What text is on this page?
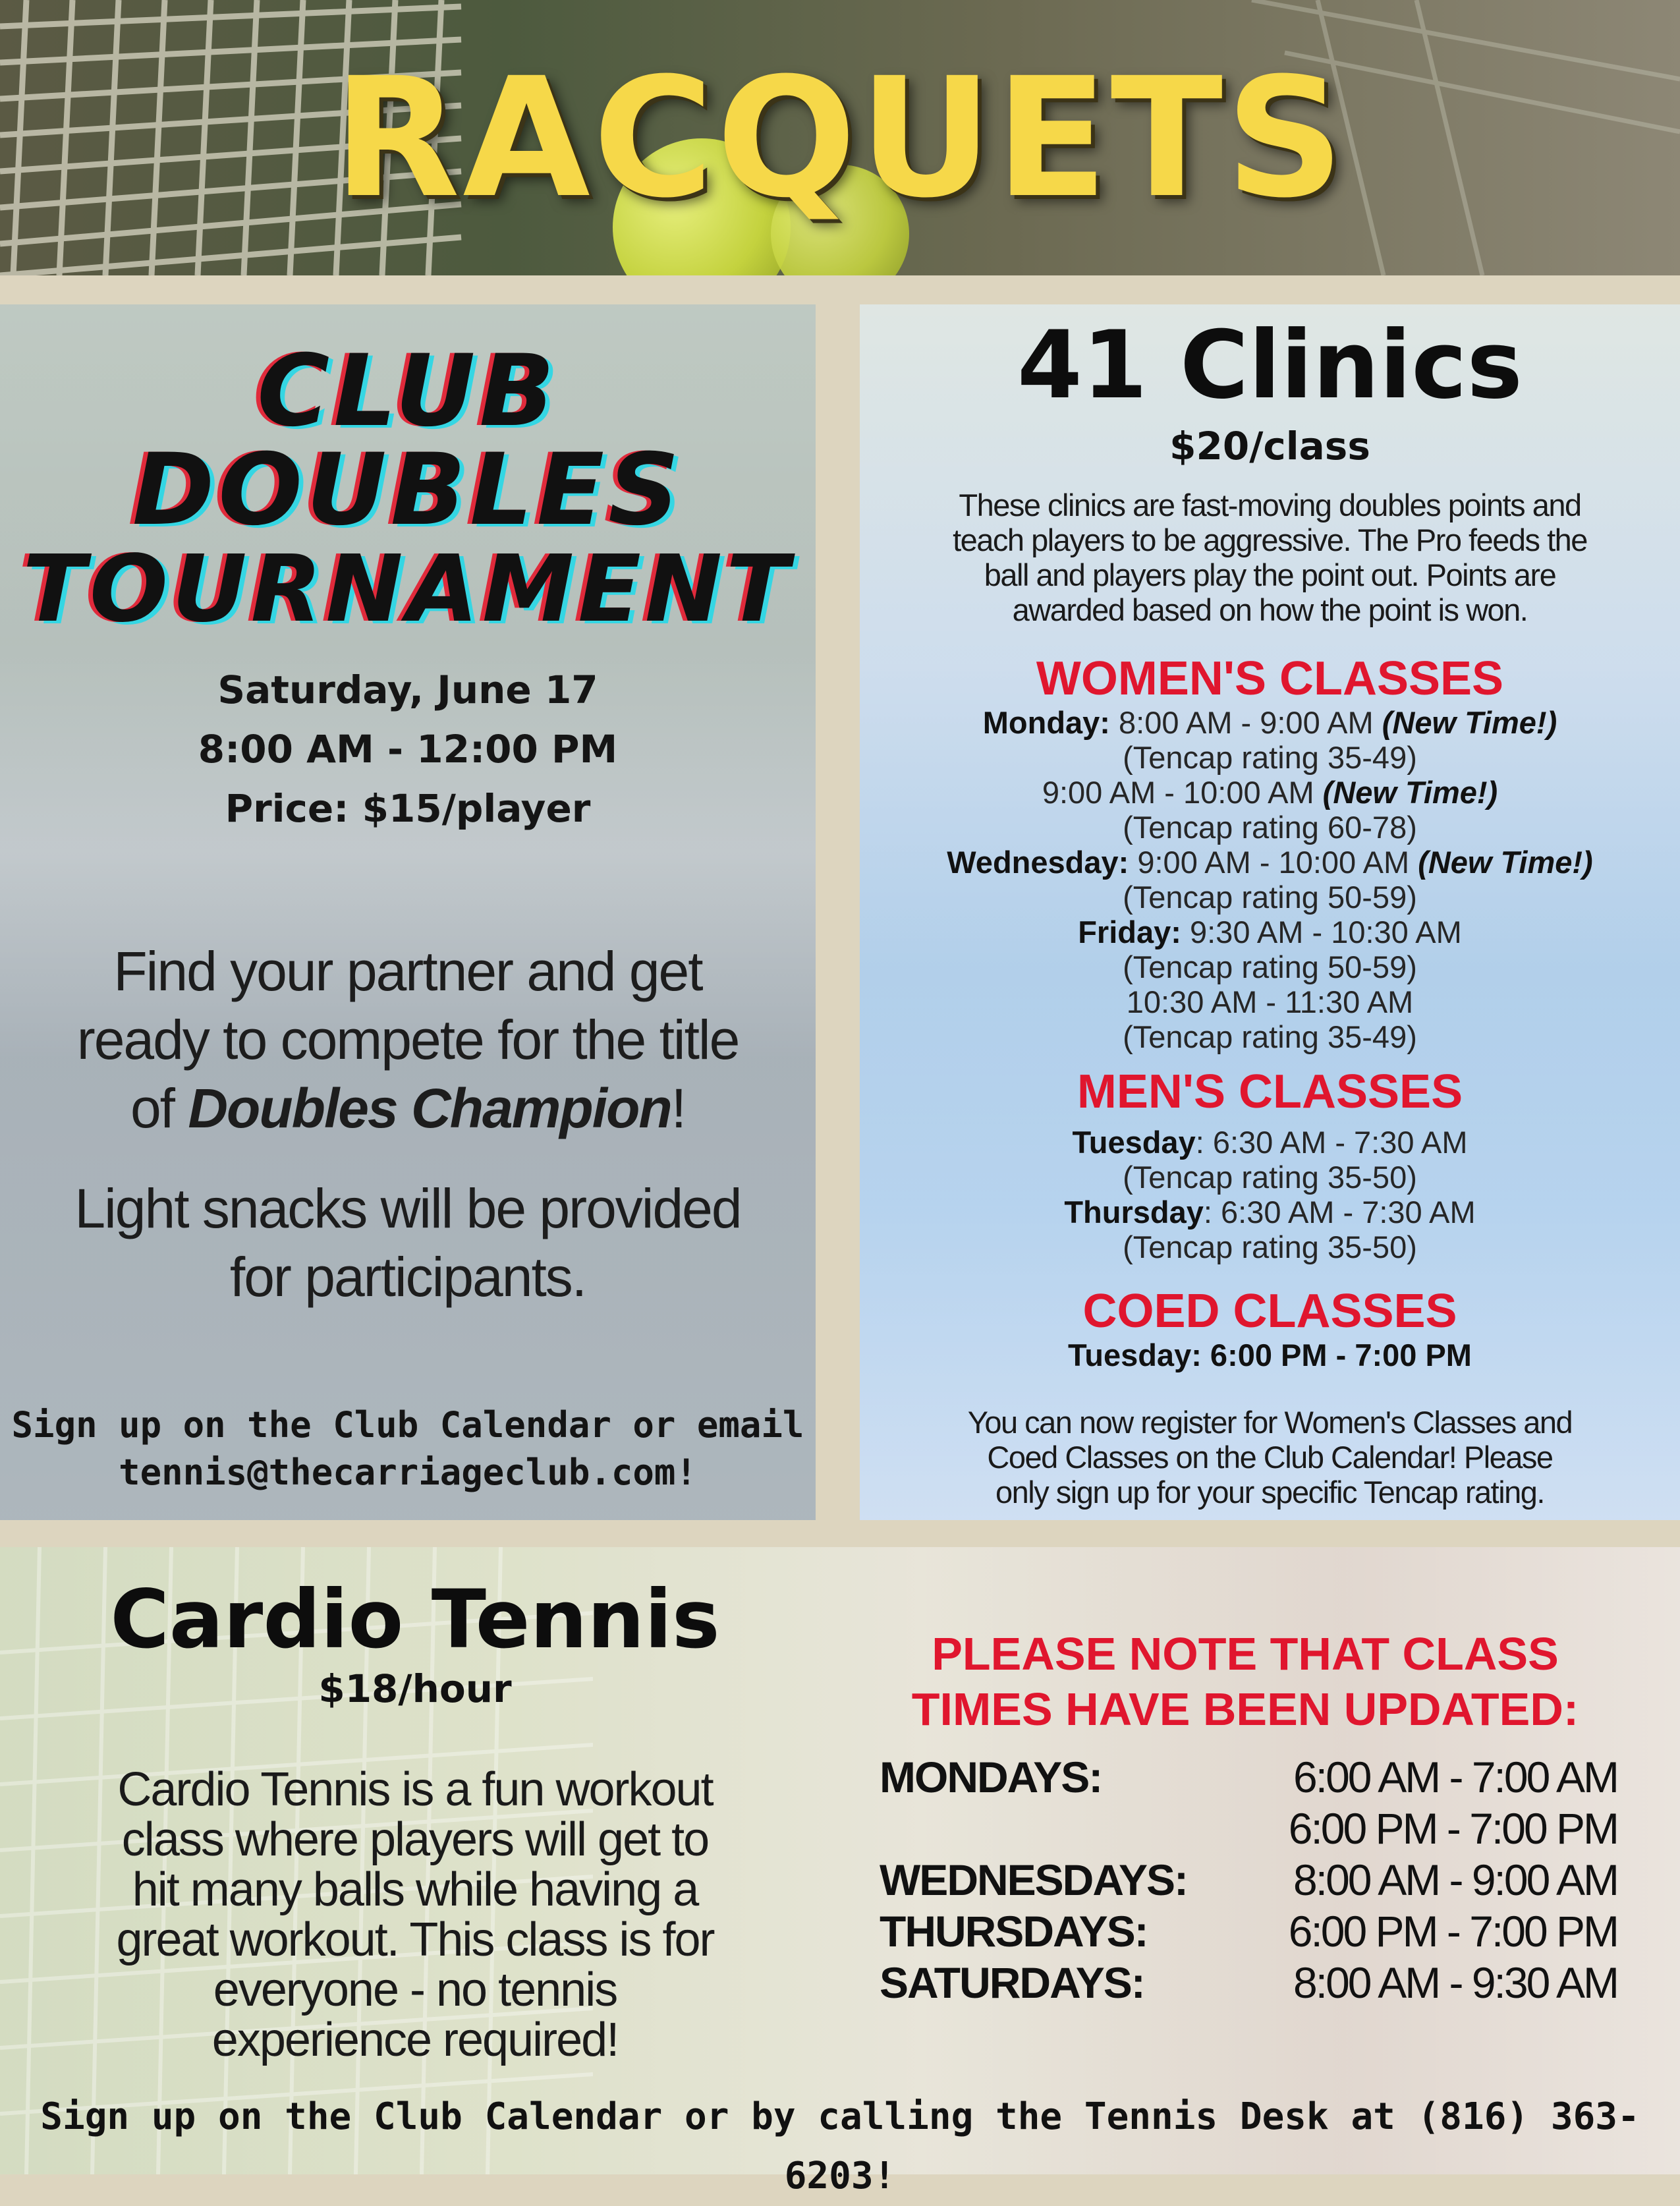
RACQUETS
CLUB
DOUBLES
TOURNAMENT
Saturday, June 17
8:00 AM - 12:00 PM
Price: $15/player
Find your partner and get
ready to compete for the title
of Doubles Champion!
Light snacks will be provided
for participants.
Sign up on the Club Calendar or email
tennis@thecarriageclub.com!
41 Clinics
$20/class
These clinics are fast-moving doubles points and
teach players to be aggressive. The Pro feeds the
ball and players play the point out. Points are
awarded based on how the point is won.
WOMEN'S CLASSES
Monday: 8:00 AM - 9:00 AM (New Time!)
(Tencap rating 35-49)
9:00 AM - 10:00 AM (New Time!)
(Tencap rating 60-78)
Wednesday: 9:00 AM - 10:00 AM (New Time!)
(Tencap rating 50-59)
Friday: 9:30 AM - 10:30 AM
(Tencap rating 50-59)
10:30 AM - 11:30 AM
(Tencap rating 35-49)
MEN'S CLASSES
Tuesday: 6:30 AM - 7:30 AM
(Tencap rating 35-50)
Thursday: 6:30 AM - 7:30 AM
(Tencap rating 35-50)
COED CLASSES
Tuesday: 6:00 PM - 7:00 PM
You can now register for Women's Classes and
Coed Classes on the Club Calendar! Please
only sign up for your specific Tencap rating.
Cardio Tennis
$18/hour
Cardio Tennis is a fun workout
class where players will get to
hit many balls while having a
great workout. This class is for
everyone - no tennis
experience required!
PLEASE NOTE THAT CLASS
TIMES HAVE BEEN UPDATED:
MONDAYS:	6:00 AM - 7:00 AM
6:00 PM - 7:00 PM
WEDNESDAYS: 8:00 AM - 9:00 AM
THURSDAYS:	6:00 PM - 7:00 PM
SATURDAYS:	8:00 AM - 9:30 AM
Sign up on the Club Calendar or by calling the Tennis Desk at (816) 363-6203!
